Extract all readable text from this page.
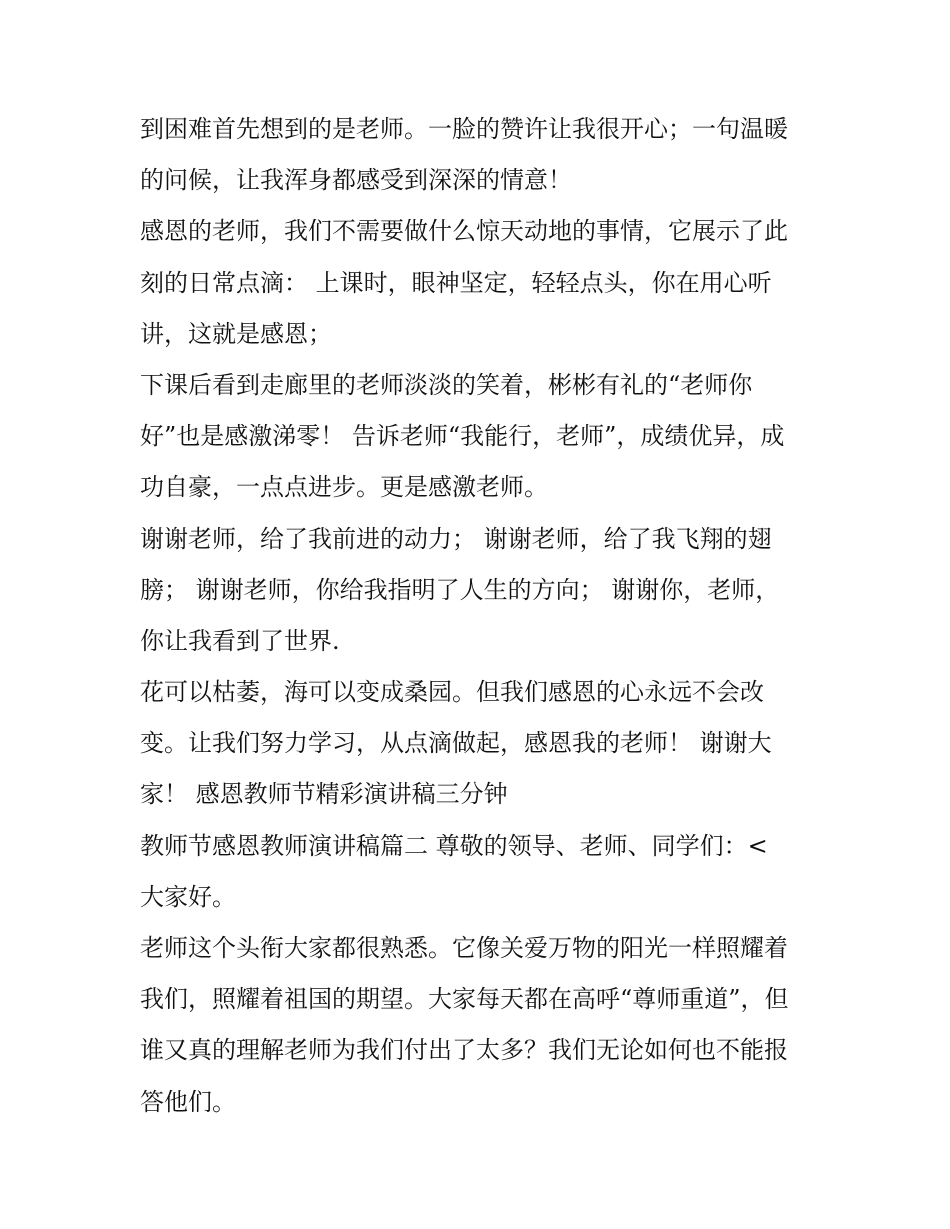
到困难首先想到的是老师。一脸的赞许让我很开心；一句温暖
的问候，让我浑身都感受到深深的情意！
感恩的老师，我们不需要做什么惊天动地的事情，它展示了此
刻的日常点滴： 上课时，眼神坚定，轻轻点头，你在用心听
讲，这就是感恩；
下课后看到走廊里的老师淡淡的笑着，彬彬有礼的“老师你
好”也是感激涕零！ 告诉老师“我能行，老师”，成绩优异，成
功自豪，一点点进步。更是感激老师。
谢谢老师，给了我前进的动力； 谢谢老师，给了我飞翔的翅
膀； 谢谢老师，你给我指明了人生的方向； 谢谢你，老师，
你让我看到了世界.
花可以枯萎，海可以变成桑园。但我们感恩的心永远不会改
变。让我们努力学习，从点滴做起，感恩我的老师！ 谢谢大
家！ 感恩教师节精彩演讲稿三分钟
教师节感恩教师演讲稿篇二 尊敬的领导、老师、同学们：<
大家好。
老师这个头衔大家都很熟悉。它像关爱万物的阳光一样照耀着
我们，照耀着祖国的期望。大家每天都在高呼“尊师重道”，但
谁又真的理解老师为我们付出了太多？我们无论如何也不能报
答他们。
